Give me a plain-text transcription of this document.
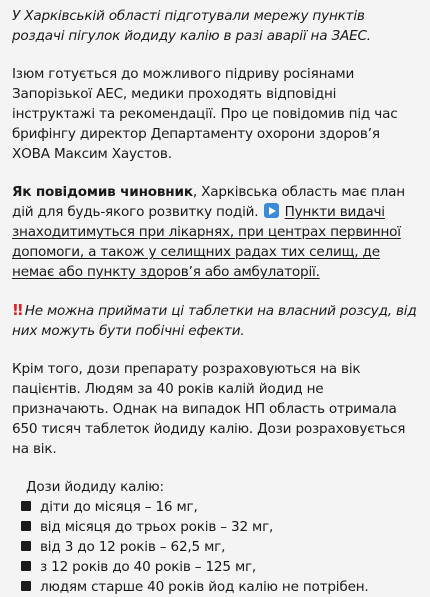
У Харківській області підготували мережу пунктів роздачі пігулок йодиду калію в разі аварії на ЗАЕС.

Ізюм готується до можливого підриву росіянами Запорізької АЕС, медики проходять відповідні інструктажі та рекомендації. Про це повідомив під час брифінгу директор Департаменту охорони здоров’я ХОВА Максим Хаустов.

Як повідомив чиновник, Харківська область має план дій для будь-якого розвитку подій. Пункти видачі знаходитимуться при лікарнях, при центрах первинної допомоги, а також у селищних радах тих селищ, де немає або пункту здоров’я або амбулаторії.

!! Не можна приймати ці таблетки на власний розсуд, від них можуть бути побічні ефекти.

Крім того, дози препарату розраховуються на вік пацієнтів. Людям за 40 років калій йодид не призначають. Однак на випадок НП область отримала 650 тисяч таблеток йодиду калію. Дози розраховується на вік.

Дози йодиду калію:

діти до місяця – 16 мг,
від місяця до трьох років – 32 мг,
від 3 до 12 років – 62,5 мг,
з 12 років до 40 років – 125 мг,
людям старше 40 років йод калію не потрібен.
